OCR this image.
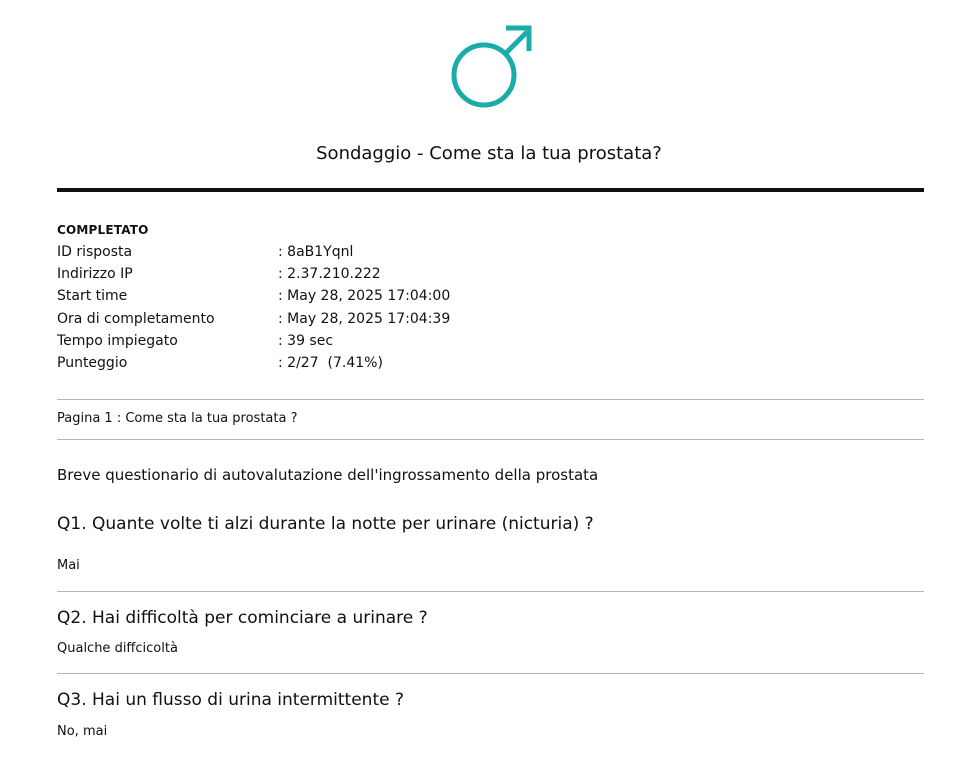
Sondaggio - Come sta la tua prostata?
COMPLETATO
ID risposta	: 8aB1Yqnl
Indirizzo IP	: 2.37.210.222
Start time	: May 28, 2025 17:04:00
Ora di completamento	: May 28, 2025 17:04:39
Tempo impiegato	: 39 sec
Punteggio	: 2/27  (7.41%)
Pagina 1 : Come sta la tua prostata ?
Breve questionario di autovalutazione dell'ingrossamento della prostata
Q1. Quante volte ti alzi durante la notte per urinare (nicturia) ?
Mai
Q2. Hai difficoltà per cominciare a urinare ?
Qualche diffcicoltà
Q3. Hai un flusso di urina intermittente ?
No, mai
